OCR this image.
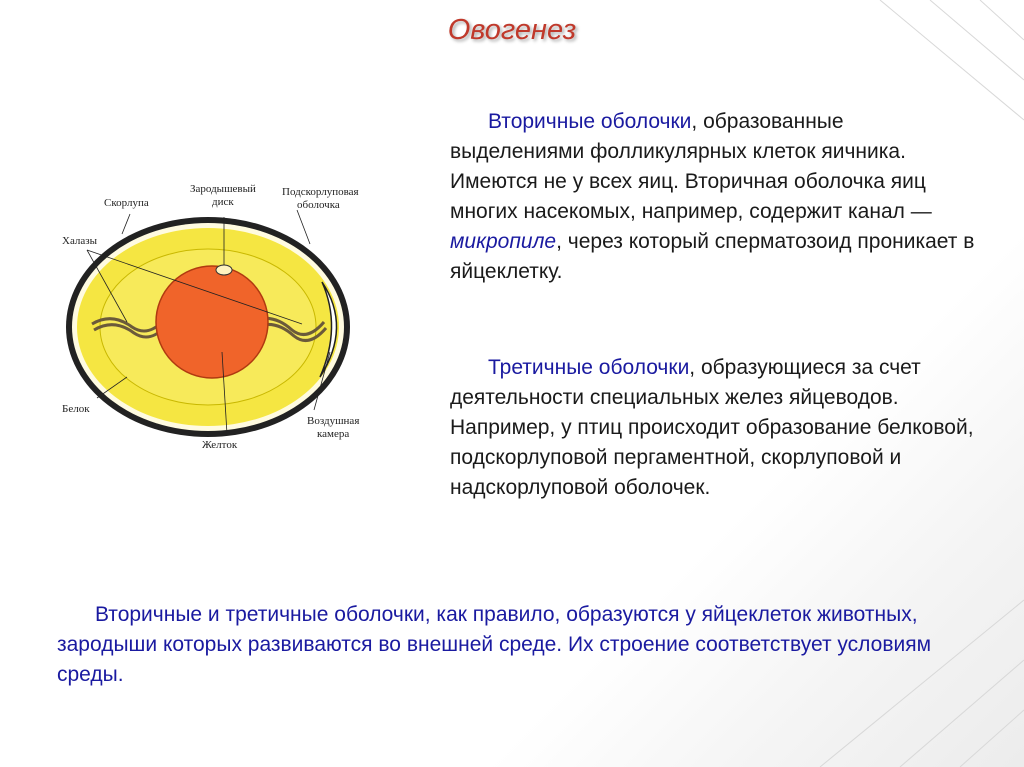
Овогенез
Скорлупа
Зародышевый
диск
Подскорлуповая
оболочка
Халазы
Белок
Воздушная
камера
Желток
Вторичные оболочки, образованные выделениями фолликулярных клеток яичника. Имеются не у всех яиц. Вторичная оболочка яиц многих насекомых, например, содержит канал — микропиле, через который сперматозоид проникает в яйцеклетку.
Третичные оболочки, образующиеся за счет деятельности специальных желез яйцеводов. Например, у птиц происходит образование белковой, подскорлуповой пергаментной, скорлуповой и надскорлуповой оболочек.
Вторичные и третичные оболочки, как правило, образуются у яйцеклеток животных, зародыши которых развиваются во внешней среде. Их строение соответствует условиям среды.
